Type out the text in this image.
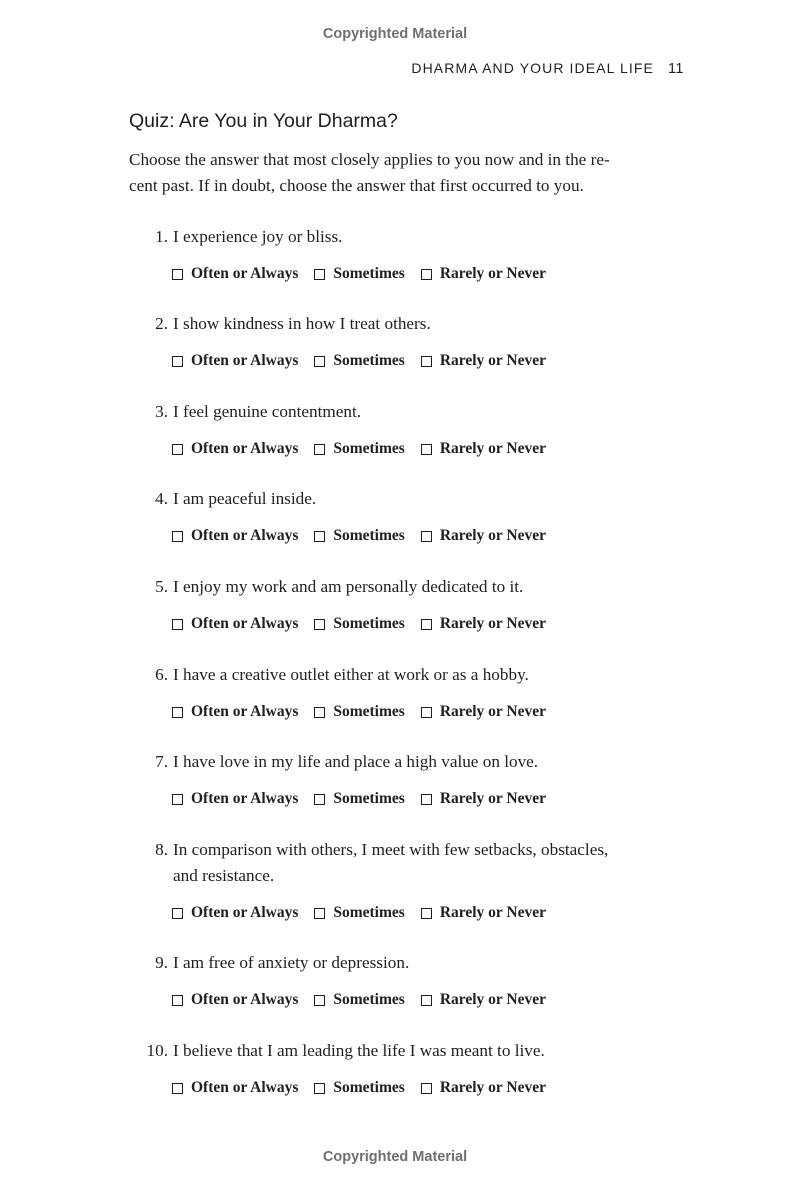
Copyrighted Material
DHARMA AND YOUR IDEAL LIFE 11
Quiz: Are You in Your Dharma?
Choose the answer that most closely applies to you now and in the re-
cent past. If in doubt, choose the answer that first occurred to you.
1. I experience joy or bliss.
Often or Always Sometimes Rarely or Never
2. I show kindness in how I treat others.
Often or Always Sometimes Rarely or Never
3. I feel genuine contentment.
Often or Always Sometimes Rarely or Never
4. I am peaceful inside.
Often or Always Sometimes Rarely or Never
5. I enjoy my work and am personally dedicated to it.
Often or Always Sometimes Rarely or Never
6. I have a creative outlet either at work or as a hobby.
Often or Always Sometimes Rarely or Never
7. I have love in my life and place a high value on love.
Often or Always Sometimes Rarely or Never
8. In comparison with others, I meet with few setbacks, obstacles,
and resistance.
Often or Always Sometimes Rarely or Never
9. I am free of anxiety or depression.
Often or Always Sometimes Rarely or Never
10. I believe that I am leading the life I was meant to live.
Often or Always Sometimes Rarely or Never
Copyrighted Material
